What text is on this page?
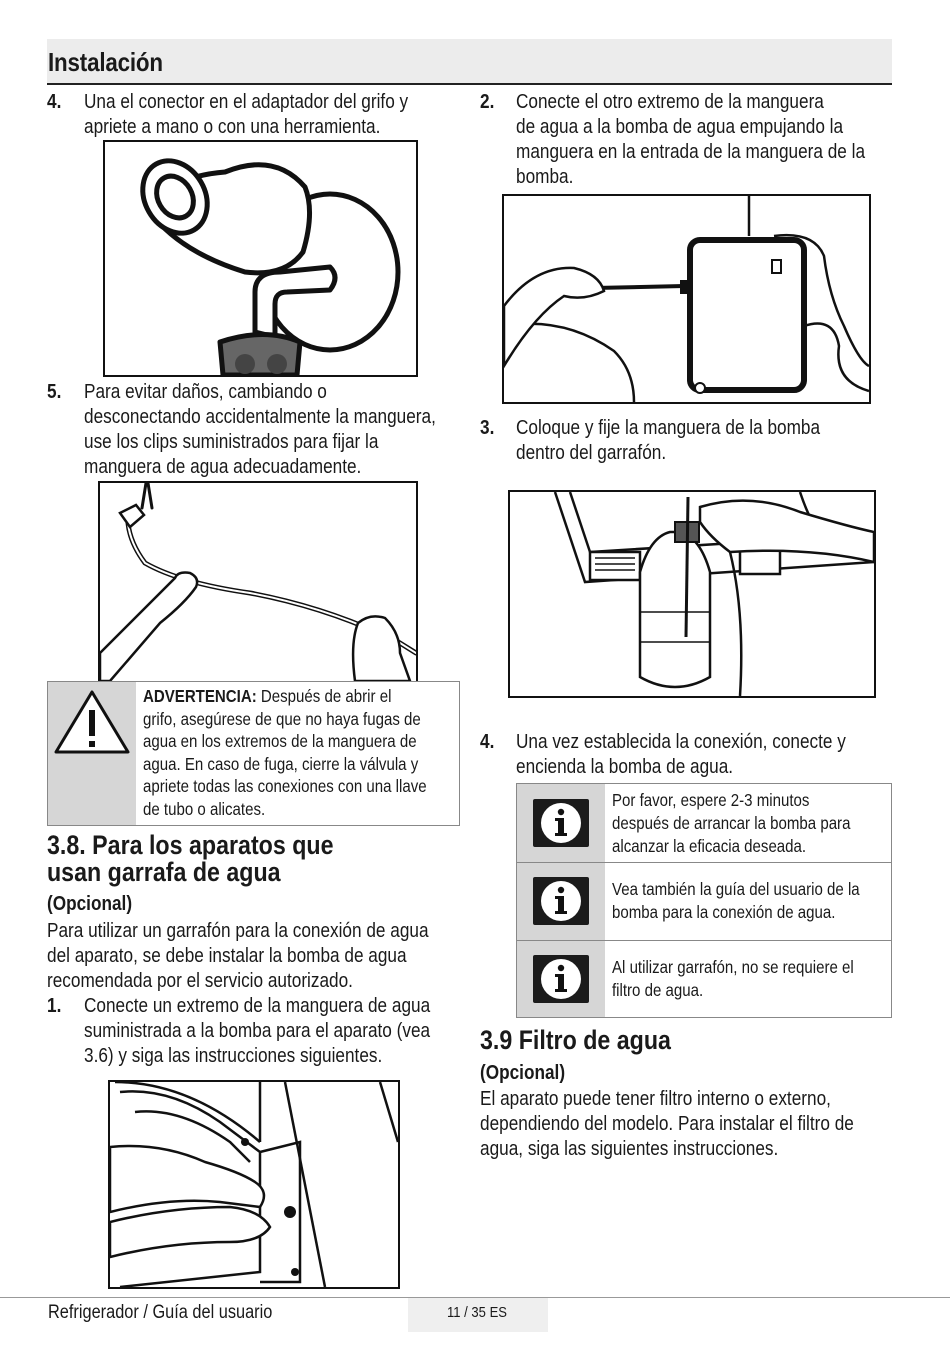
Instalación
4. Una el conector en el adaptador del grifo y
apriete a mano o con una herramienta.
5. Para evitar daños, cambiando o
desconectando accidentalmente la manguera,
use los clips suministrados para fijar la
manguera de agua adecuadamente.
ADVERTENCIA: Después de abrir el
grifo, asegúrese de que no haya fugas de
agua en los extremos de la manguera de
agua. En caso de fuga, cierre la válvula y
apriete todas las conexiones con una llave
de tubo o alicates.
3.8. Para los aparatos que
usan garrafa de agua
(Opcional)
Para utilizar un garrafón para la conexión de agua
del aparato, se debe instalar la bomba de agua
recomendada por el servicio autorizado.
1. Conecte un extremo de la manguera de agua
suministrada a la bomba para el aparato (vea
3.6) y siga las instrucciones siguientes.
2. Conecte el otro extremo de la manguera
de agua a la bomba de agua empujando la
manguera en la entrada de la manguera de la
bomba.
3. Coloque y fije la manguera de la bomba
dentro del garrafón.
4. Una vez establecida la conexión, conecte y
encienda la bomba de agua.
Por favor, espere 2-3 minutos
después de arrancar la bomba para
alcanzar la eficacia deseada.
Vea también la guía del usuario de la
bomba para la conexión de agua.
Al utilizar garrafón, no se requiere el
filtro de agua.
3.9 Filtro de agua
(Opcional)
El aparato puede tener filtro interno o externo,
dependiendo del modelo. Para instalar el filtro de
agua, siga las siguientes instrucciones.
Refrigerador / Guía del usuario	11 / 35 ES
